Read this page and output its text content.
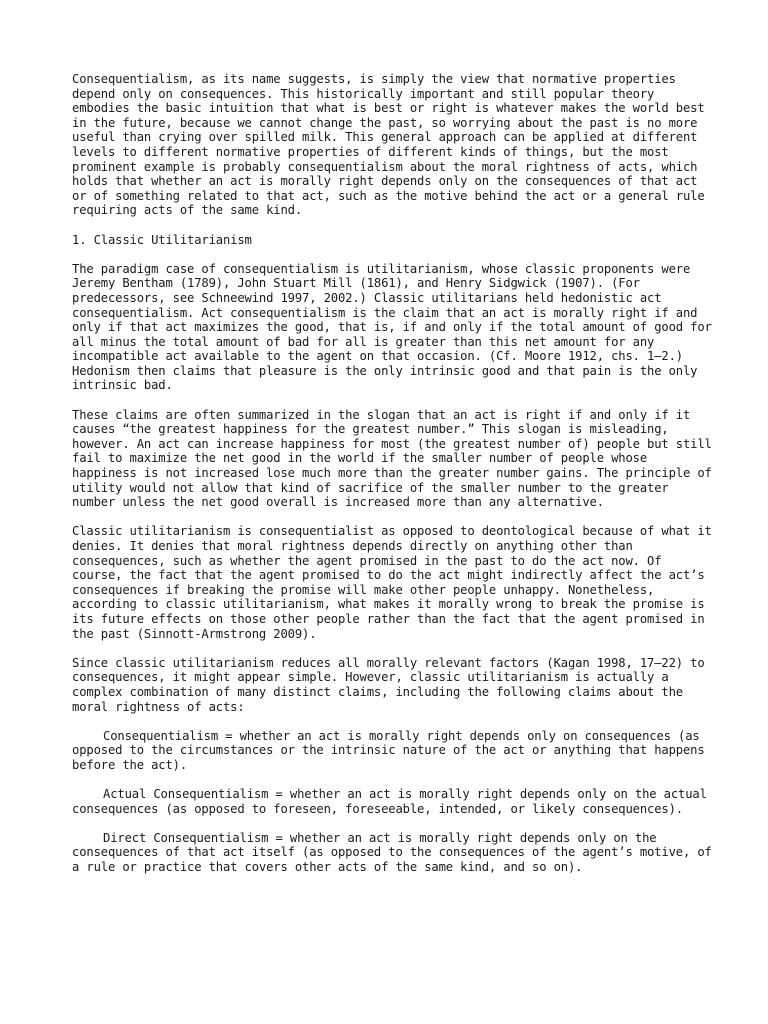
Consequentialism, as its name suggests, is simply the view that normative properties depend only on consequences. This historically important and still popular theory embodies the basic intuition that what is best or right is whatever makes the world best in the future, because we cannot change the past, so worrying about the past is no more useful than crying over spilled milk. This general approach can be applied at different levels to different normative properties of different kinds of things, but the most prominent example is probably consequentialism about the moral rightness of acts, which holds that whether an act is morally right depends only on the consequences of that act or of something related to that act, such as the motive behind the act or a general rule requiring acts of the same kind.

1. Classic Utilitarianism

The paradigm case of consequentialism is utilitarianism, whose classic proponents were Jeremy Bentham (1789), John Stuart Mill (1861), and Henry Sidgwick (1907). (For predecessors, see Schneewind 1997, 2002.) Classic utilitarians held hedonistic act consequentialism. Act consequentialism is the claim that an act is morally right if and only if that act maximizes the good, that is, if and only if the total amount of good for all minus the total amount of bad for all is greater than this net amount for any incompatible act available to the agent on that occasion. (Cf. Moore 1912, chs. 1–2.) Hedonism then claims that pleasure is the only intrinsic good and that pain is the only intrinsic bad.

These claims are often summarized in the slogan that an act is right if and only if it causes “the greatest happiness for the greatest number.” This slogan is misleading, however. An act can increase happiness for most (the greatest number of) people but still fail to maximize the net good in the world if the smaller number of people whose happiness is not increased lose much more than the greater number gains. The principle of utility would not allow that kind of sacrifice of the smaller number to the greater number unless the net good overall is increased more than any alternative.

Classic utilitarianism is consequentialist as opposed to deontological because of what it denies. It denies that moral rightness depends directly on anything other than consequences, such as whether the agent promised in the past to do the act now. Of course, the fact that the agent promised to do the act might indirectly affect the act’s consequences if breaking the promise will make other people unhappy. Nonetheless, according to classic utilitarianism, what makes it morally wrong to break the promise is its future effects on those other people rather than the fact that the agent promised in the past (Sinnott-Armstrong 2009).

Since classic utilitarianism reduces all morally relevant factors (Kagan 1998, 17–22) to consequences, it might appear simple. However, classic utilitarianism is actually a complex combination of many distinct claims, including the following claims about the moral rightness of acts:

Consequentialism = whether an act is morally right depends only on consequences (as opposed to the circumstances or the intrinsic nature of the act or anything that happens before the act).

Actual Consequentialism = whether an act is morally right depends only on the actual consequences (as opposed to foreseen, foreseeable, intended, or likely consequences).

Direct Consequentialism = whether an act is morally right depends only on the consequences of that act itself (as opposed to the consequences of the agent’s motive, of a rule or practice that covers other acts of the same kind, and so on).
